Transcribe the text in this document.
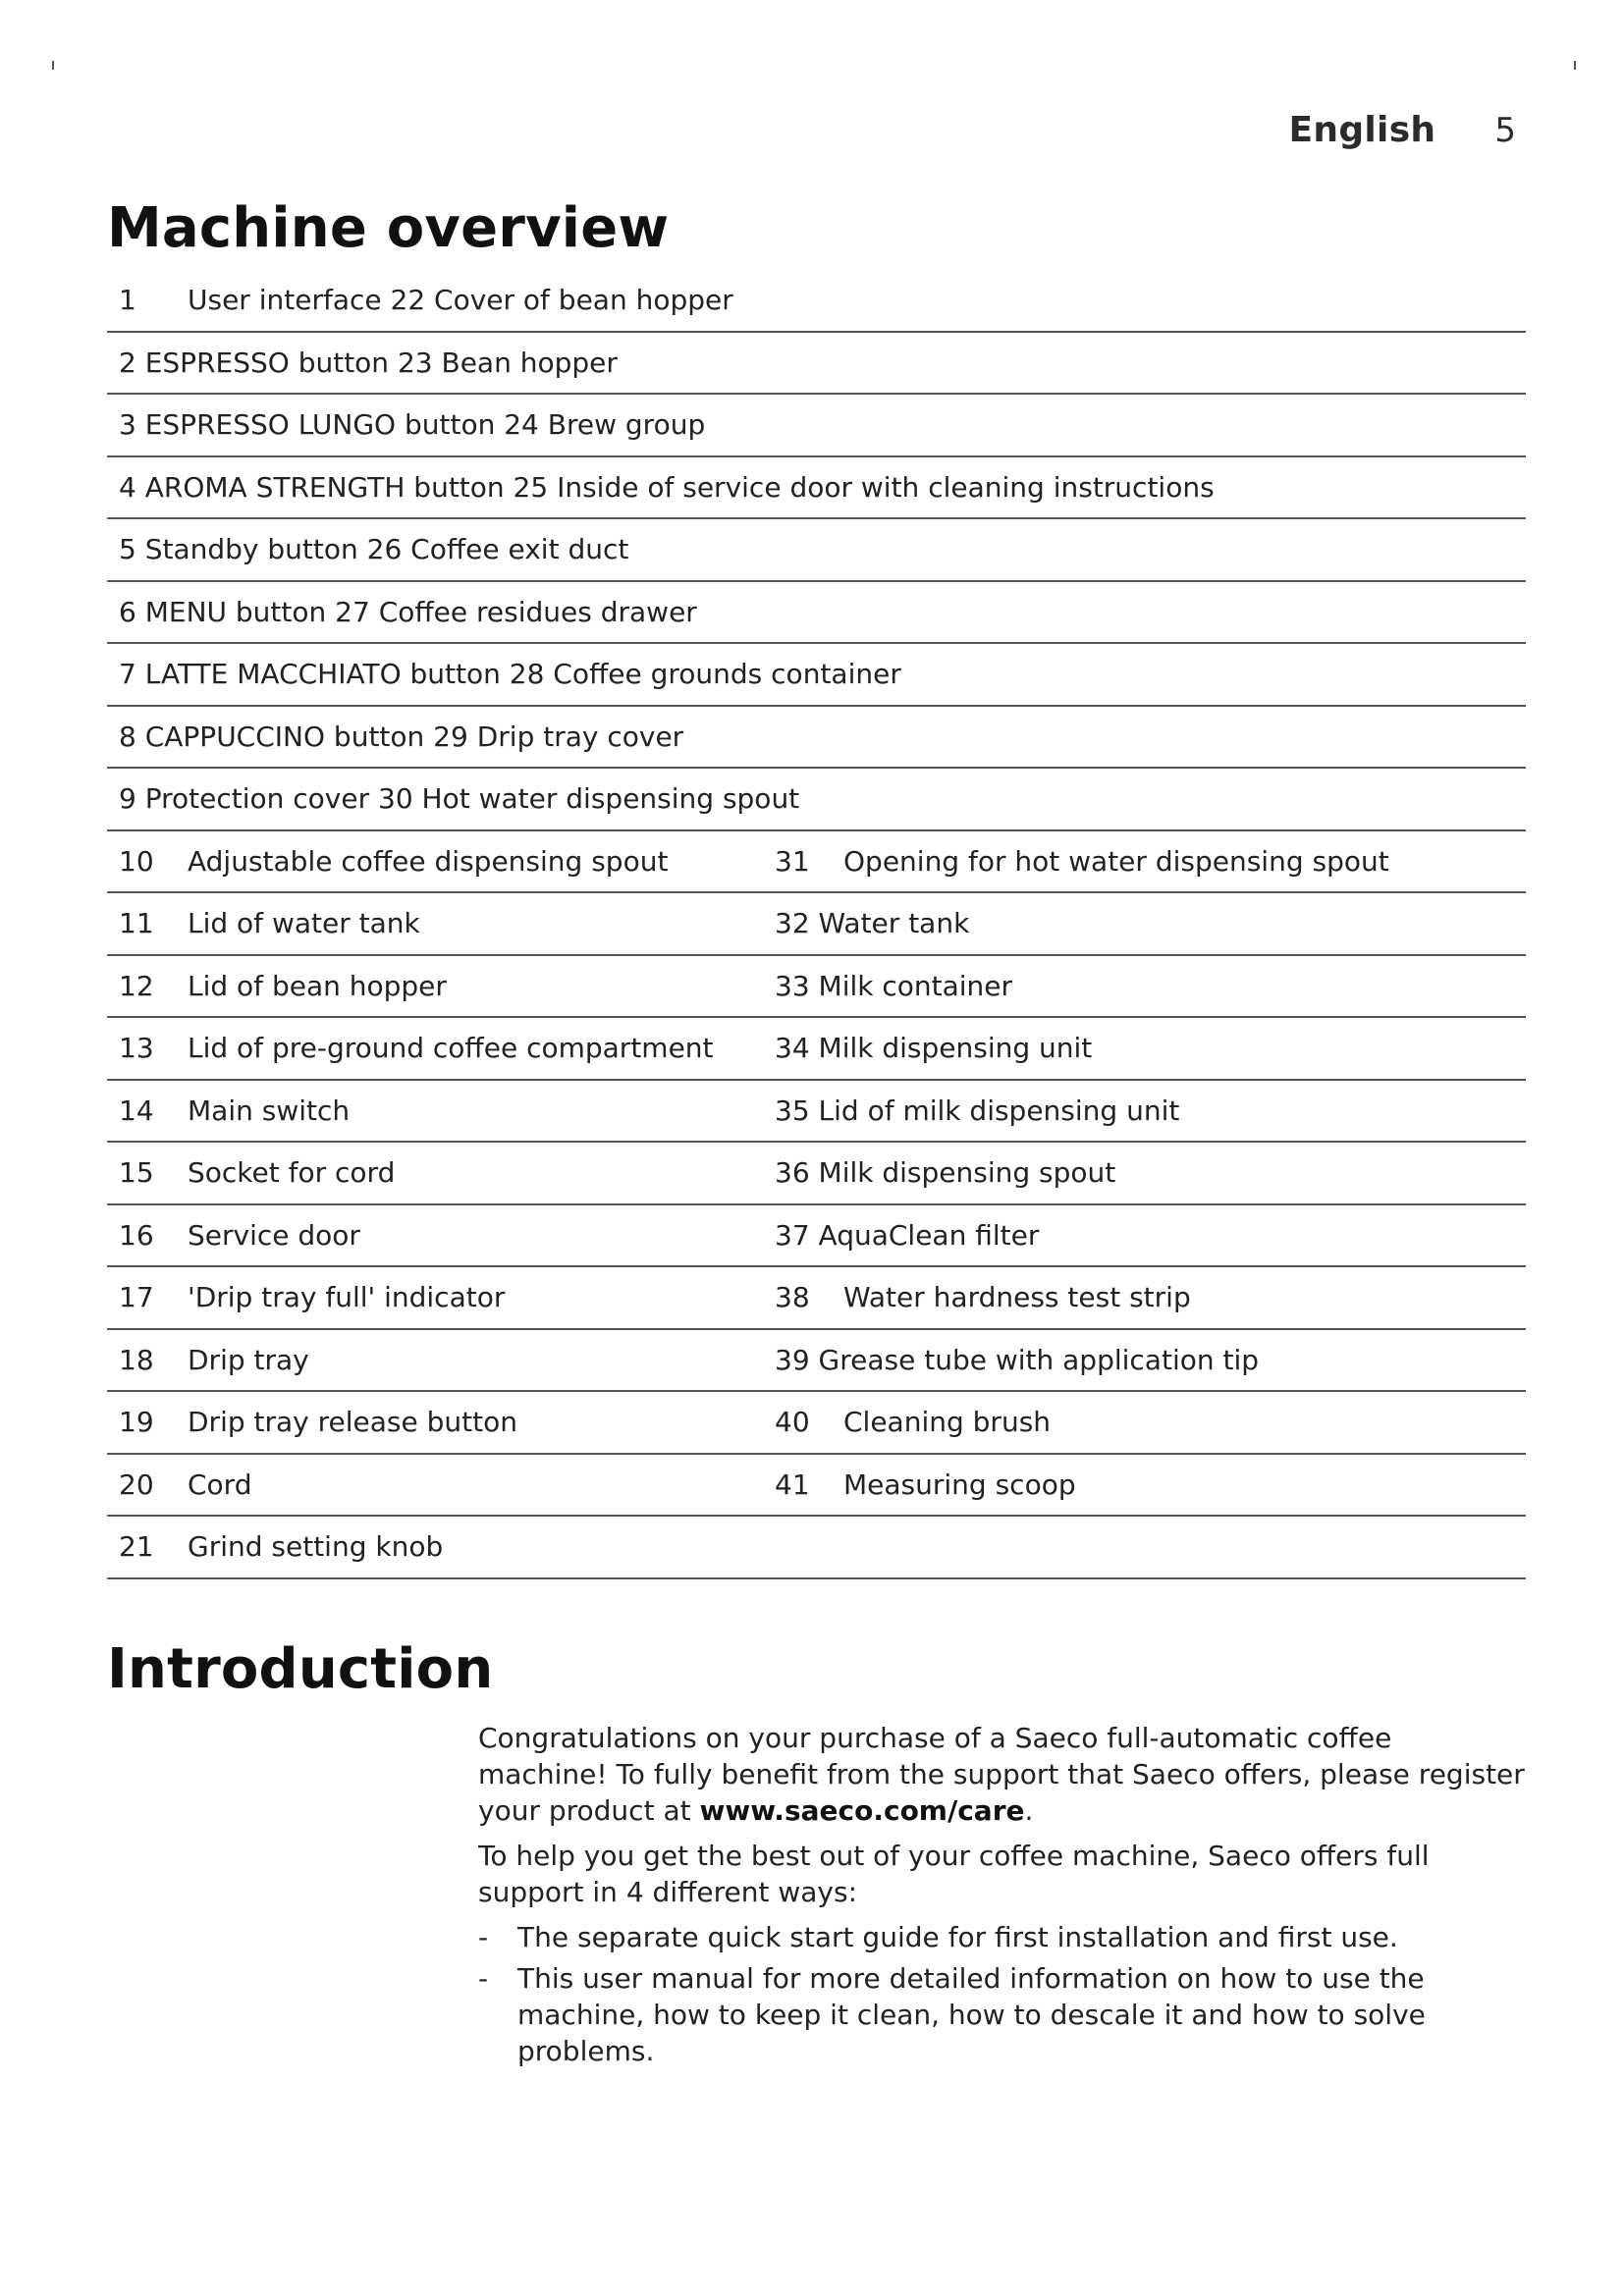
English 5
Machine overview
1	User interface 22 Cover of bean hopper
2 ESPRESSO button 23 Bean hopper
3 ESPRESSO LUNGO button 24 Brew group
4 AROMA STRENGTH button 25 Inside of service door with cleaning instructions
5 Standby button 26 Coffee exit duct
6 MENU button 27 Coffee residues drawer
7 LATTE MACCHIATO button 28 Coffee grounds container
8 CAPPUCCINO button 29 Drip tray cover
9 Protection cover 30 Hot water dispensing spout
10	Adjustable coffee dispensing spout	31	Opening for hot water dispensing spout
11	Lid of water tank	32 Water tank
12	Lid of bean hopper	33 Milk container
13	Lid of pre-ground coffee compartment 34 Milk dispensing unit
14	Main switch	35 Lid of milk dispensing unit
15	Socket for cord	36 Milk dispensing spout
16	Service door	37 AquaClean filter
17	'Drip tray full' indicator	38	Water hardness test strip
18	Drip tray	39 Grease tube with application tip
19	Drip tray release button	40	Cleaning brush
20	Cord	41	Measuring scoop
21	Grind setting knob
Introduction

Congratulations on your purchase of a Saeco full-automatic coffee machine! To fully benefit from the support that Saeco offers, please register your product at www.saeco.com/care.

To help you get the best out of your coffee machine, Saeco offers full support in 4 different ways:

- The separate quick start guide for first installation and first use.
- This user manual for more detailed information on how to use the machine, how to keep it clean, how to descale it and how to solve problems.
